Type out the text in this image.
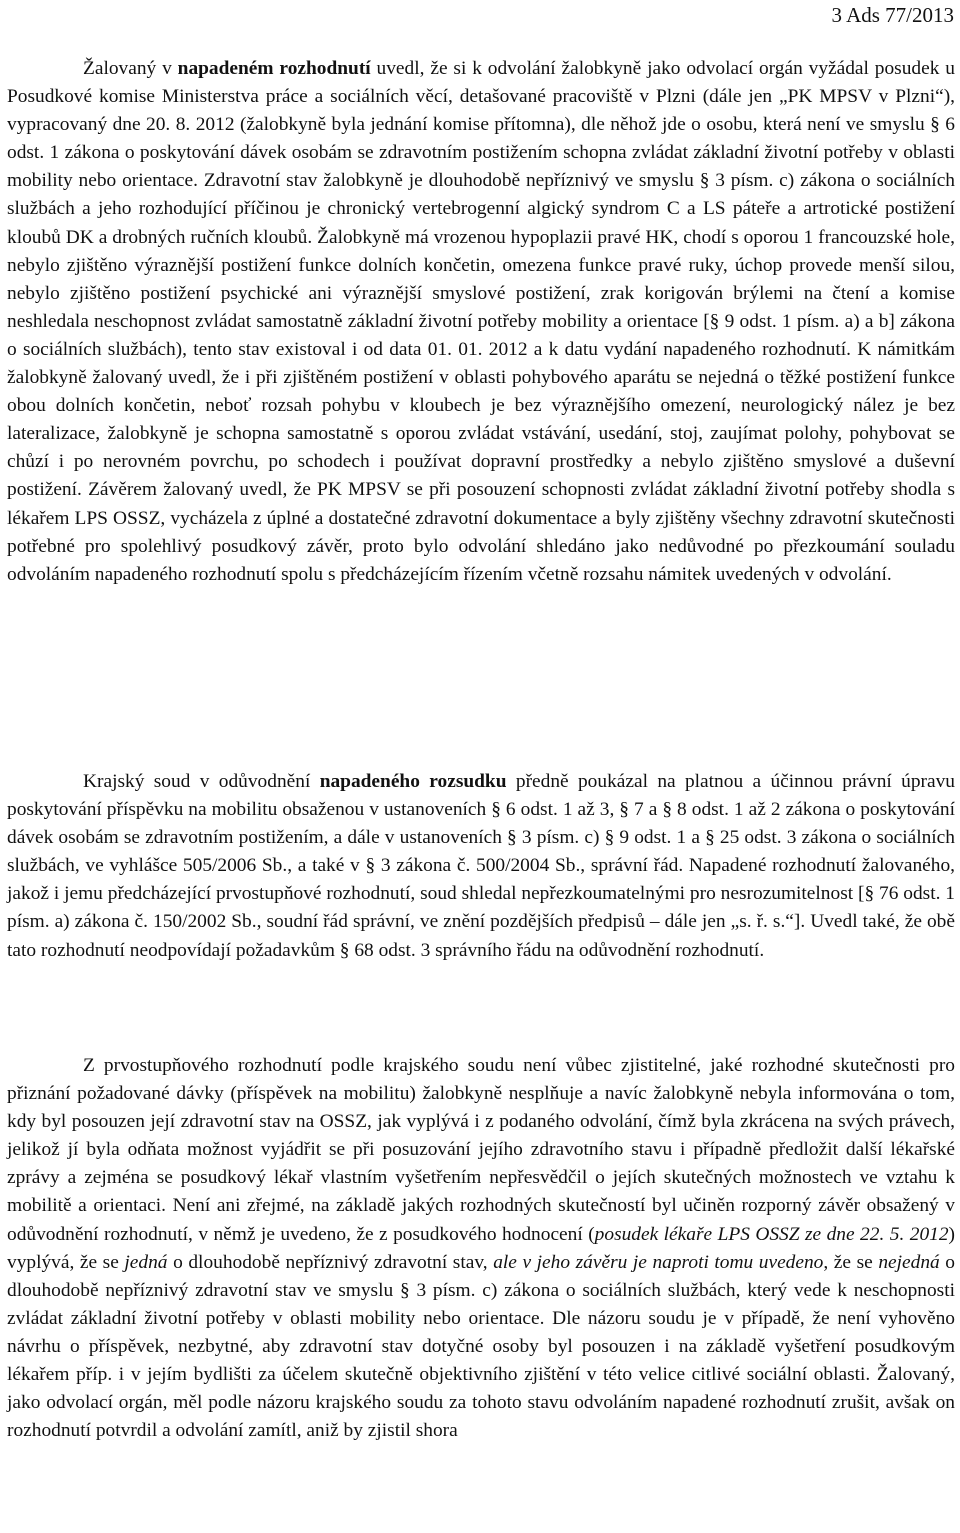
3 Ads 77/2013

Žalovaný v napadeném rozhodnutí uvedl, že si k odvolání žalobkyně jako odvolací orgán vyžádal posudek u Posudkové komise Ministerstva práce a sociálních věcí, detašované pracoviště v Plzni (dále jen „PK MPSV v Plzni“), vypracovaný dne 20. 8. 2012 (žalobkyně byla jednání komise přítomna), dle něhož jde o osobu, která není ve smyslu § 6 odst. 1 zákona o poskytování dávek osobám se zdravotním postižením schopna zvládat základní životní potřeby v oblasti mobility nebo orientace. Zdravotní stav žalobkyně je dlouhodobě nepříznivý ve smyslu § 3 písm. c) zákona o sociálních službách a jeho rozhodující příčinou je chronický vertebrogenní algický syndrom C a LS páteře a artrotické postižení kloubů DK a drobných ručních kloubů. Žalobkyně má vrozenou hypoplazii pravé HK, chodí s oporou 1 francouzské hole, nebylo zjištěno výraznější postižení funkce dolních končetin, omezena funkce pravé ruky, úchop provede menší silou, nebylo zjištěno postižení psychické ani výraznější smyslové postižení, zrak korigován brýlemi na čtení a komise neshledala neschopnost zvládat samostatně základní životní potřeby mobility a orientace [§ 9 odst. 1 písm. a) a b] zákona o sociálních službách), tento stav existoval i od data 01. 01. 2012 a k datu vydání napadeného rozhodnutí. K námitkám žalobkyně žalovaný uvedl, že i při zjištěném postižení v oblasti pohybového aparátu se nejedná o těžké postižení funkce obou dolních končetin, neboť rozsah pohybu v kloubech je bez výraznějšího omezení, neurologický nález je bez lateralizace, žalobkyně je schopna samostatně s oporou zvládat vstávání, usedání, stoj, zaujímat polohy, pohybovat se chůzí i po nerovném povrchu, po schodech i používat dopravní prostředky a nebylo zjištěno smyslové a duševní postižení. Závěrem žalovaný uvedl, že PK MPSV se při posouzení schopnosti zvládat základní životní potřeby shodla s lékařem LPS OSSZ, vycházela z úplné a dostatečné zdravotní dokumentace a byly zjištěny všechny zdravotní skutečnosti potřebné pro spolehlivý posudkový závěr, proto bylo odvolání shledáno jako nedůvodné po přezkoumání souladu odvoláním napadeného rozhodnutí spolu s předcházejícím řízením včetně rozsahu námitek uvedených v odvolání.

Krajský soud v odůvodnění napadeného rozsudku předně poukázal na platnou a účinnou právní úpravu poskytování příspěvku na mobilitu obsaženou v ustanoveních § 6 odst. 1 až 3, § 7 a § 8 odst. 1 až 2 zákona o poskytování dávek osobám se zdravotním postižením, a dále v ustanoveních § 3 písm. c) § 9 odst. 1 a § 25 odst. 3 zákona o sociálních službách, ve vyhlášce 505/2006 Sb., a také v § 3 zákona č. 500/2004 Sb., správní řád. Napadené rozhodnutí žalovaného, jakož i jemu předcházející prvostupňové rozhodnutí, soud shledal nepřezkoumatelnými pro nesrozumitelnost [§ 76 odst. 1 písm. a) zákona č. 150/2002 Sb., soudní řád správní, ve znění pozdějších předpisů – dále jen „s. ř. s.“]. Uvedl také, že obě tato rozhodnutí neodpovídají požadavkům § 68 odst. 3 správního řádu na odůvodnění rozhodnutí.

Z prvostupňového rozhodnutí podle krajského soudu není vůbec zjistitelné, jaké rozhodné skutečnosti pro přiznání požadované dávky (příspěvek na mobilitu) žalobkyně nesplňuje a navíc žalobkyně nebyla informována o tom, kdy byl posouzen její zdravotní stav na OSSZ, jak vyplývá i z podaného odvolání, čímž byla zkrácena na svých právech, jelikož jí byla odňata možnost vyjádřit se při posuzování jejího zdravotního stavu i případně předložit další lékařské zprávy a zejména se posudkový lékař vlastním vyšetřením nepřesvědčil o jejích skutečných možnostech ve vztahu k mobilitě a orientaci. Není ani zřejmé, na základě jakých rozhodných skutečností byl učiněn rozporný závěr obsažený v odůvodnění rozhodnutí, v němž je uvedeno, že z posudkového hodnocení (posudek lékaře LPS OSSZ ze dne 22. 5. 2012) vyplývá, že se jedná o dlouhodobě nepříznivý zdravotní stav, ale v jeho závěru je naproti tomu uvedeno, že se nejedná o dlouhodobě nepříznivý zdravotní stav ve smyslu § 3 písm. c) zákona o sociálních službách, který vede k neschopnosti zvládat základní životní potřeby v oblasti mobility nebo orientace. Dle názoru soudu je v případě, že není vyhověno návrhu o příspěvek, nezbytné, aby zdravotní stav dotyčné osoby byl posouzen i na základě vyšetření posudkovým lékařem příp. i v jejím bydlišti za účelem skutečně objektivního zjištění v této velice citlivé sociální oblasti. Žalovaný, jako odvolací orgán, měl podle názoru krajského soudu za tohoto stavu odvoláním napadené rozhodnutí zrušit, avšak on rozhodnutí potvrdil a odvolání zamítl, aniž by zjistil shora
